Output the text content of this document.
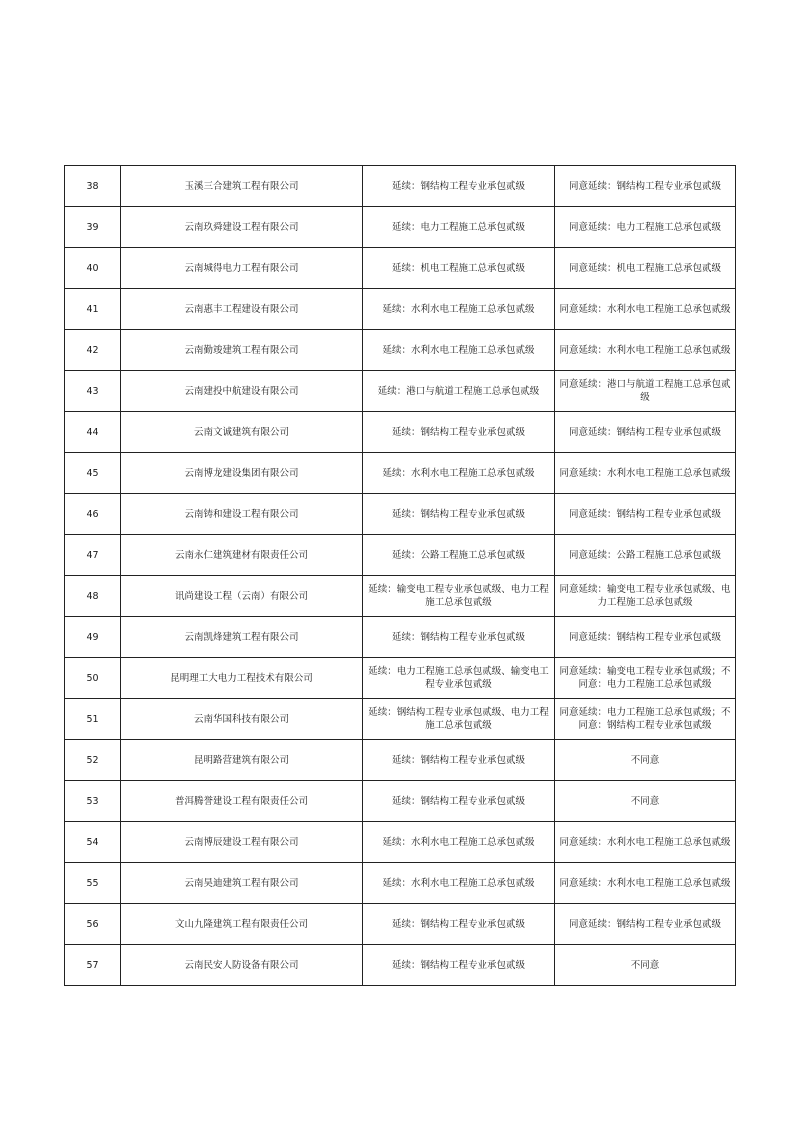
38	玉溪三合建筑工程有限公司	延续：钢结构工程专业承包贰级	同意延续：钢结构工程专业承包贰级
39	云南玖舜建设工程有限公司	延续：电力工程施工总承包贰级	同意延续：电力工程施工总承包贰级
40	云南城得电力工程有限公司	延续：机电工程施工总承包贰级	同意延续：机电工程施工总承包贰级
41	云南惠丰工程建设有限公司	延续：水利水电工程施工总承包贰级	同意延续：水利水电工程施工总承包贰级
42	云南勤竣建筑工程有限公司	延续：水利水电工程施工总承包贰级	同意延续：水利水电工程施工总承包贰级
43	云南建投中航建设有限公司	延续：港口与航道工程施工总承包贰级	同意延续：港口与航道工程施工总承包贰级
44	云南文诚建筑有限公司	延续：钢结构工程专业承包贰级	同意延续：钢结构工程专业承包贰级
45	云南博龙建设集团有限公司	延续：水利水电工程施工总承包贰级	同意延续：水利水电工程施工总承包贰级
46	云南铸和建设工程有限公司	延续：钢结构工程专业承包贰级	同意延续：钢结构工程专业承包贰级
47	云南永仁建筑建材有限责任公司	延续：公路工程施工总承包贰级	同意延续：公路工程施工总承包贰级
48	讯尚建设工程（云南）有限公司	延续：输变电工程专业承包贰级、电力工程施工总承包贰级	同意延续：输变电工程专业承包贰级、电力工程施工总承包贰级
49	云南凯烽建筑工程有限公司	延续：钢结构工程专业承包贰级	同意延续：钢结构工程专业承包贰级
50	昆明理工大电力工程技术有限公司	延续：电力工程施工总承包贰级、输变电工程专业承包贰级	同意延续：输变电工程专业承包贰级；不同意：电力工程施工总承包贰级
51	云南华国科技有限公司	延续：钢结构工程专业承包贰级、电力工程施工总承包贰级	同意延续：电力工程施工总承包贰级；不同意：钢结构工程专业承包贰级
52	昆明路营建筑有限公司	延续：钢结构工程专业承包贰级	不同意
53	普洱腾誉建设工程有限责任公司	延续：钢结构工程专业承包贰级	不同意
54	云南博辰建设工程有限公司	延续：水利水电工程施工总承包贰级	同意延续：水利水电工程施工总承包贰级
55	云南昊迪建筑工程有限公司	延续：水利水电工程施工总承包贰级	同意延续：水利水电工程施工总承包贰级
56	文山九隆建筑工程有限责任公司	延续：钢结构工程专业承包贰级	同意延续：钢结构工程专业承包贰级
57	云南民安人防设备有限公司	延续：钢结构工程专业承包贰级	不同意
